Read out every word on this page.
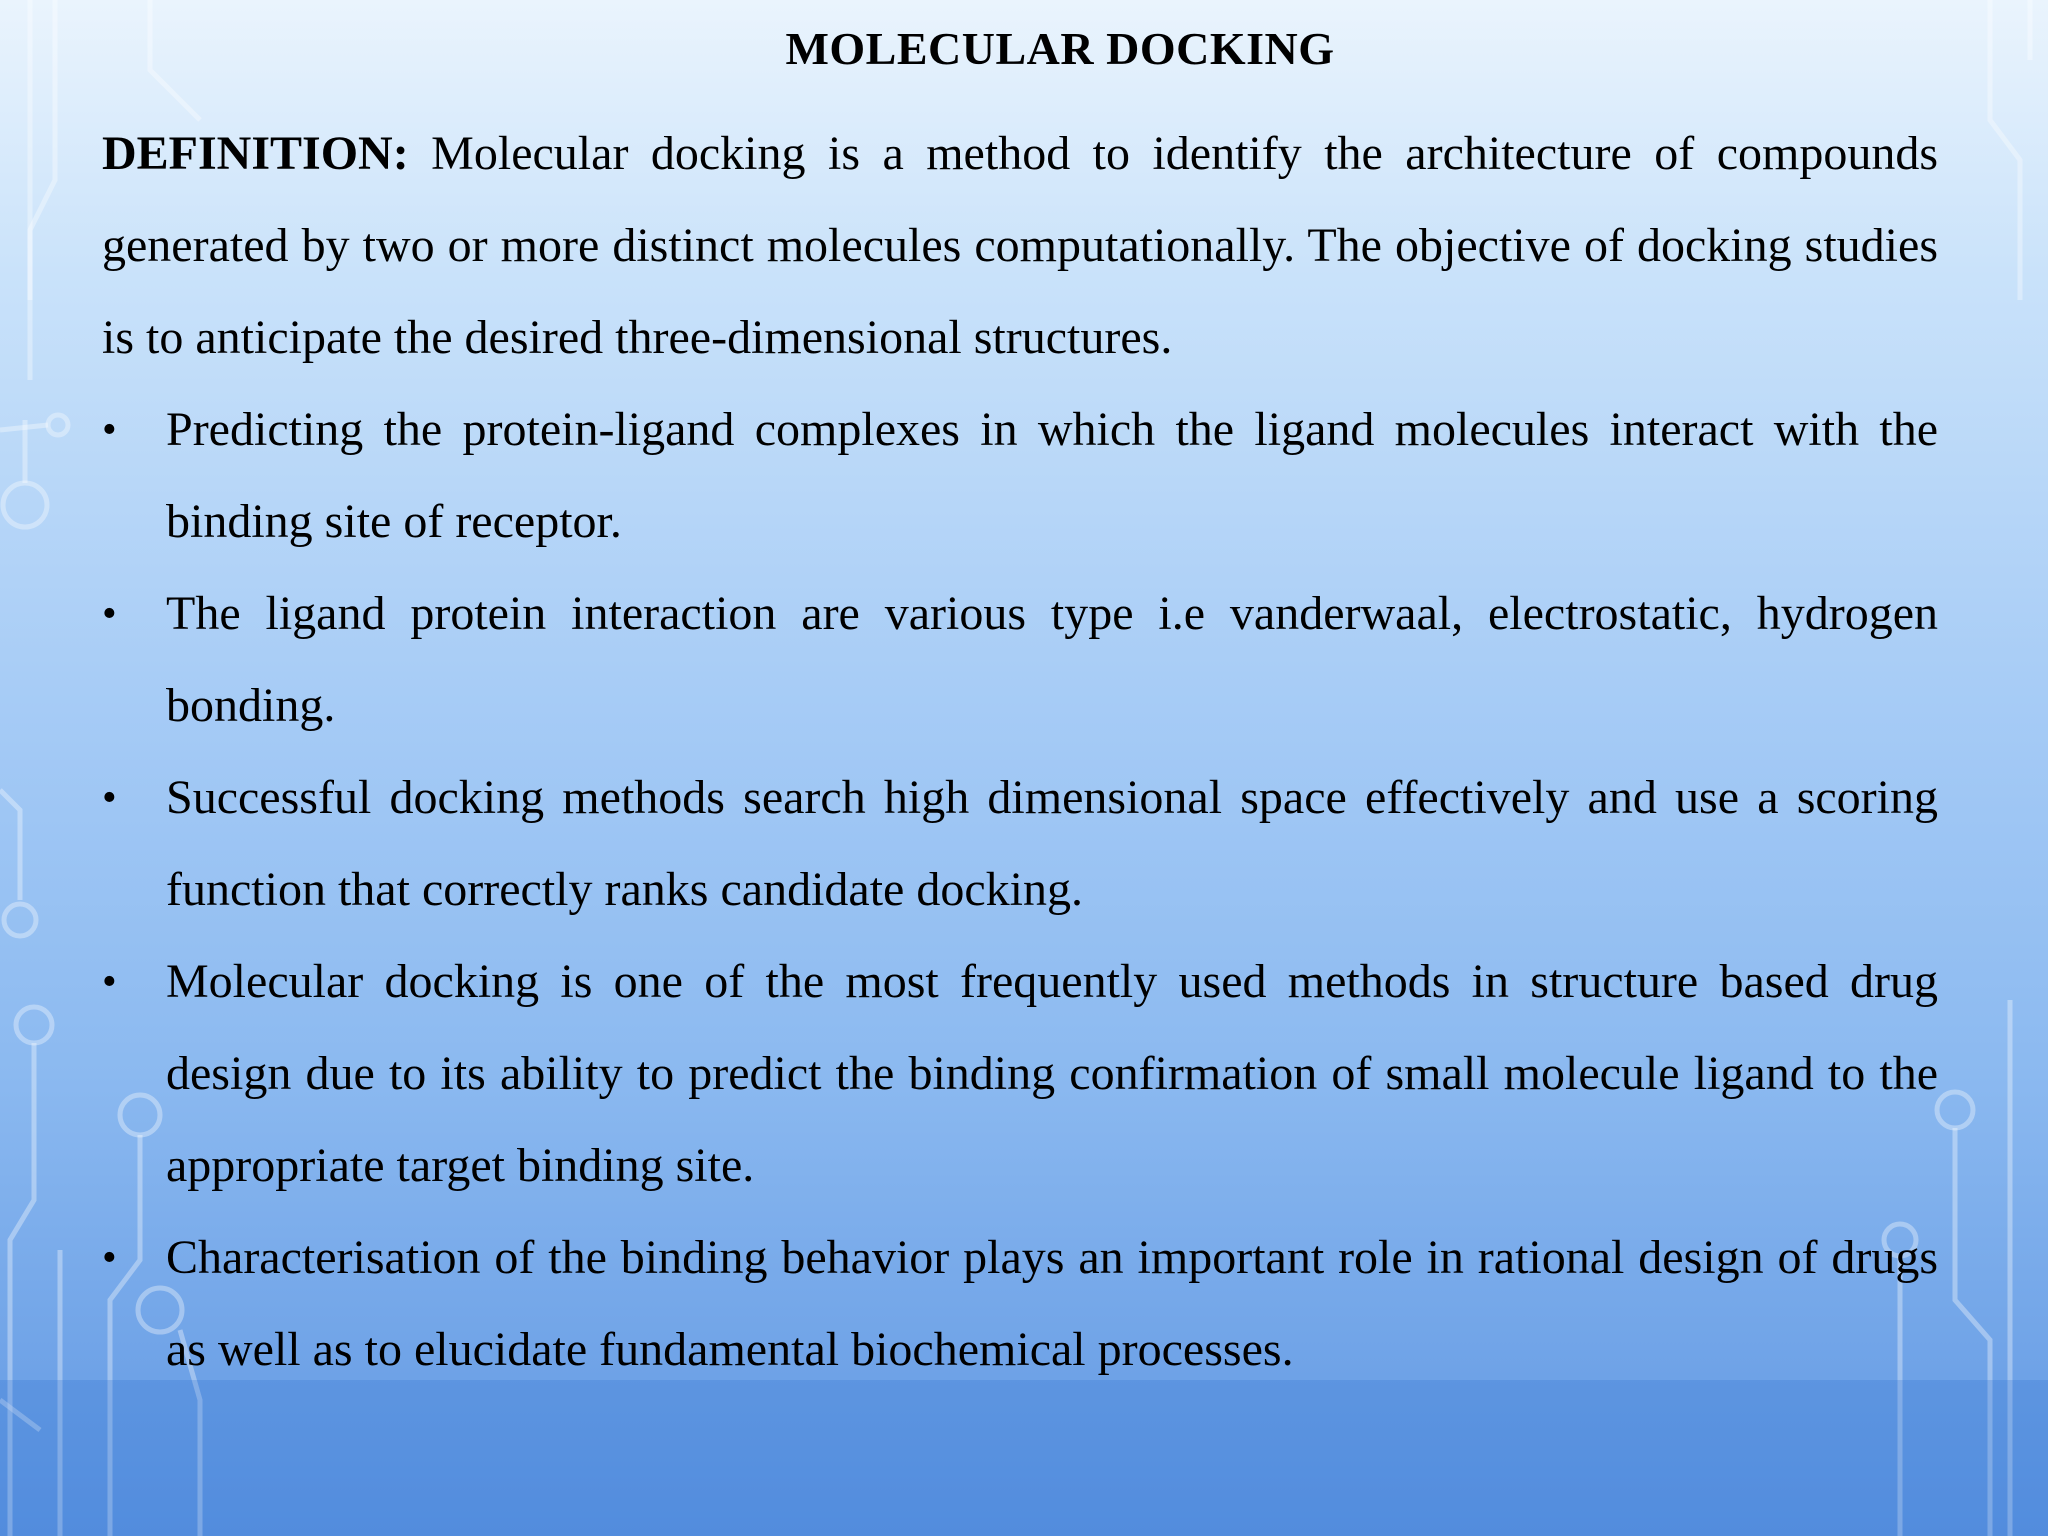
MOLECULAR DOCKING

DEFINITION: Molecular docking is a method to identify the architecture of compounds generated by two or more distinct molecules computationally. The objective of docking studies is to anticipate the desired three-dimensional structures.

• Predicting the protein-ligand complexes in which the ligand molecules interact with the binding site of receptor.
• The ligand protein interaction are various type i.e vanderwaal, electrostatic, hydrogen bonding.
• Successful docking methods search high dimensional space effectively and use a scoring function that correctly ranks candidate docking.
• Molecular docking is one of the most frequently used methods in structure based drug design due to its ability to predict the binding confirmation of small molecule ligand to the appropriate target binding site.
• Characterisation of the binding behavior plays an important role in rational design of drugs as well as to elucidate fundamental biochemical processes.
